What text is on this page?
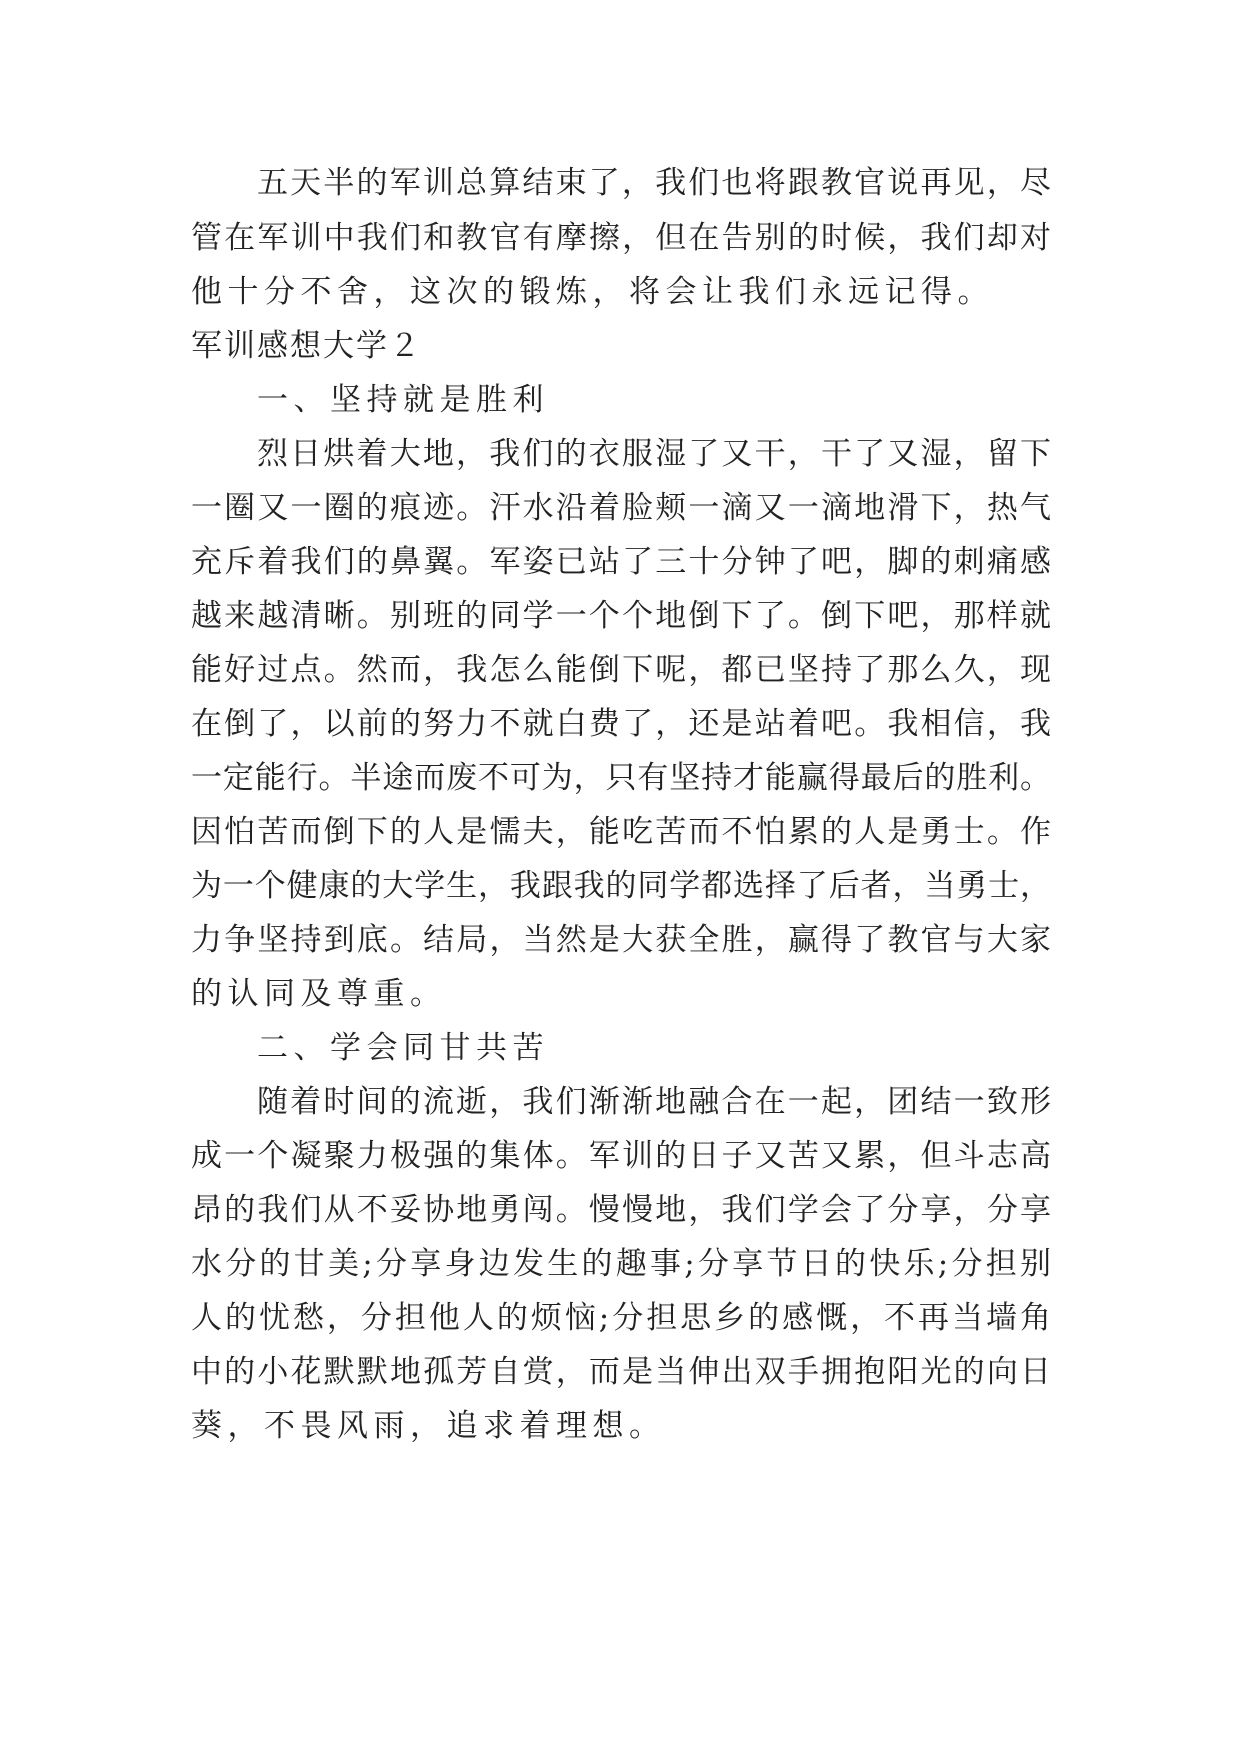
五天半的军训总算结束了，我们也将跟教官说再见，尽

管在军训中我们和教官有摩擦，但在告别的时候，我们却对

他十分不舍，这次的锻炼，将会让我们永远记得。

军训感想大学２

一、坚持就是胜利

烈日烘着大地，我们的衣服湿了又干，干了又湿，留下

一圈又一圈的痕迹。汗水沿着脸颊一滴又一滴地滑下，热气

充斥着我们的鼻翼。军姿已站了三十分钟了吧，脚的刺痛感

越来越清晰。别班的同学一个个地倒下了。倒下吧，那样就

能好过点。然而，我怎么能倒下呢，都已坚持了那么久，现

在倒了，以前的努力不就白费了，还是站着吧。我相信，我

一定能行。半途而废不可为，只有坚持才能赢得最后的胜利。

因怕苦而倒下的人是懦夫，能吃苦而不怕累的人是勇士。作

为一个健康的大学生，我跟我的同学都选择了后者，当勇士，

力争坚持到底。结局，当然是大获全胜，赢得了教官与大家

的认同及尊重。

二、学会同甘共苦

随着时间的流逝，我们渐渐地融合在一起，团结一致形

成一个凝聚力极强的集体。军训的日子又苦又累，但斗志高

昂的我们从不妥协地勇闯。慢慢地，我们学会了分享，分享

水分的甘美;分享身边发生的趣事;分享节日的快乐;分担别

人的忧愁，分担他人的烦恼;分担思乡的感慨，不再当墙角

中的小花默默地孤芳自赏，而是当伸出双手拥抱阳光的向日

葵，不畏风雨，追求着理想。
